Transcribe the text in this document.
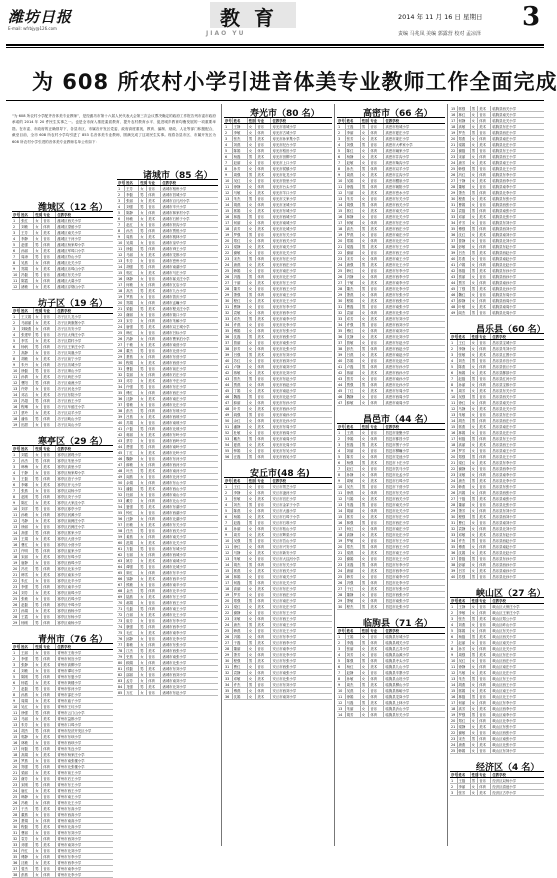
潍坊日报
E-mail: wfrbjy@126.com	教育
JIAO YU
2014 年 11 月 16 日 星期日
责编 马兆凤 美编 郭露营 校对 孟凉泽
3
为 608 所农村小学引进音体美专业教师工作全面完成
“为 608 所农村小学配齐音体美专业教师”，是经潍坊市第十六届人民代表大会第三次会议票决确定的政府工作报告列市委市政府承诺的 2014 年 20 件民生实事之一。也是全市深入推进素质教育、提升农村教育水平、促进城乡教育均衡发展的一项重要举措。在市委、市政府的正确领导下，各县市区、市属各开发区党委、政府高度重视，教育、编制、财政、人社等部门积极配合，截至目前，全市 608 所农村小学均引进了 853 名音体美专业教师，圆满完成了这项民生实事。现将各县市区、市属开发区为 608 所农村小学引进的音体美专业教师名单公布如下：
潍城区（12 名）
序号 姓名	性别 专业	任教学校
1	张红	女	音乐	潍城区西关小学
2	刘敏	女	体育	潍城区望留小学
3	王芳	女	美术	潍城区南关小学
4	李静	女	音乐	潍城区于河小学
5	赵强	男	体育	潍城区杨家埠小学
6	孙丽	女	美术	潍城区军埠口小学
7	周涛	男	音乐	潍城区符山小学
8	吴燕	女	体育	潍城区北关小学
9	郑娟	女	美术	潍城区乐埠山小学
10	冯磊	男	音乐	潍城区东关小学
11	陈霞	女	体育	潍城区大虞小学
12	褚敏	女	美术	潍城区浮烟山小学
坊子区（19 名）
序号 姓名	性别 专业	任教学校
1	王文娟	女	音乐	坊子区九龙小学
2	马丽丽	女	美术	坊子区黄旗堡小学
3	刘晓燕	女	体育	坊子区坊安小学
4	张建华	男	音乐	坊子区太保庄小学
5	李雪	女	美术	坊子区眉村小学
6	杨帆	男	体育	坊子区王家庄小学
7	高静	女	音乐	坊子区凤凰小学
8	胡敏	女	美术	坊子区前宁小学
9	朱丹	女	体育	坊子区坊城小学
10	徐磊	男	音乐	坊子区荆山小学
11	孙倩	女	美术	坊子区尚庄小学
12	曹阳	男	体育	坊子区南流小学
13	许婷	女	音乐	坊子区河北小学
14	邓洁	女	美术	坊子区东院小学
15	冯超	男	体育	坊子区西王小学
16	程琳	女	音乐	坊子区车留庄小学
17	蔡玲	女	美术	坊子区双羊小学
18	潘伟	男	体育	坊子区峡山小学
19	田甜	女	音乐	坊子区凤山小学
寒亭区（29 名）
序号 姓名	性别 专业	任教学校
1	刘霞	女	音乐	寒亭区固堤小学
2	孙杰	男	体育	寒亭区朱里小学
3	韩梅	女	美术	寒亭区高里小学
4	于静	女	音乐	寒亭区杨家埠小学
5	王磊	男	体育	寒亭区泊子小学
6	李娜	女	美术	寒亭区开元小学
7	张燕	女	音乐	寒亭区双杨小学
8	赵刚	男	体育	寒亭区央子小学
9	陈红	女	美术	寒亭区大家洼小学
10	刘洋	男	音乐	寒亭区寒亭小学
11	孙敏	女	体育	寒亭区河滩小学
12	马静	女	美术	寒亭区前阙庄小学
13	徐丽	女	音乐	寒亭区后阙庄小学
14	高强	男	体育	寒亭区郭家小学
15	王娟	女	美术	寒亭区大营小学
16	曹红	女	音乐	寒亭区小营小学
17	许明	男	体育	寒亭区崔家小学
18	宋丽	女	美术	寒亭区东埠小学
19	唐静	女	音乐	寒亭区西埠小学
20	冯亮	男	体育	寒亭区北宋小学
21	韩雪	女	美术	寒亭区南宋小学
22	朱红	女	音乐	寒亭区北辛小学
23	李强	男	体育	寒亭区南辛小学
24	刘芳	女	美术	寒亭区前埠小学
25	张敏	女	音乐	寒亭区后埠小学
26	赵磊	男	体育	寒亭区中埠小学
27	孙娟	女	美术	寒亭区西杨小学
28	王霞	女	音乐	寒亭区东杨小学
29	杨刚	男	体育	寒亭区南杨小学
青州市（76 名）
序号 姓名	性别 专业	任教学校
1	王丽	女	音乐	青州市王府小学
2	李强	男	体育	青州市何官小学
3	张静	女	美术	青州市高柳小学
4	刘敏	女	音乐	青州市谭坊小学
5	陈刚	男	体育	青州市东夏小学
6	杨霞	女	美术	青州市黄楼小学
7	赵磊	男	音乐	青州市弥河小学
8	孙燕	女	体育	青州市邵庄小学
9	周娟	女	美术	青州市庙子小学
10	吴红	女	音乐	青州市王坟小学
11	徐强	男	体育	青州市云门山小学
12	马丽	女	美术	青州市益都小学
13	朱芳	女	音乐	青州市口埠小学
14	胡杰	男	体育	青州市经济开发区小学
15	郭静	女	美术	青州市东坝小学
16	林敏	女	音乐	青州市西坝小学
17	何磊	男	体育	青州市朱良小学
18	高娟	女	美术	青州市杨家庄小学
19	罗燕	女	音乐	青州市南张楼小学
20	郑强	男	体育	青州市北张楼小学
21	梁丽	女	美术	青州市前王小学
22	谢芳	女	音乐	青州市后王小学
23	宋刚	男	体育	青州市东王小学
24	唐红	女	美术	青州市西王小学
25	韩静	女	音乐	青州市南王小学
26	冯敏	女	体育	青州市北王小学
27	于杰	男	美术	青州市东高小学
28	董燕	女	音乐	青州市西高小学
29	萧娟	女	体育	青州市南高小学
30	程磊	男	美术	青州市北高小学
31	曹丽	女	音乐	青州市东刘小学
32	袁芳	女	体育	青州市西刘小学
33	邓强	男	美术	青州市南刘小学
34	许红	女	音乐	青州市北刘小学
35	傅静	女	体育	青州市东李小学
36	沈敏	女	美术	青州市西李小学
37	曾杰	男	音乐	青州市南李小学
38	彭燕	女	体育	青州市北李小学
诸城市（85 名）
序号 姓名	性别 专业	任教学校
1	王芳	女	音乐	诸城市相州小学
2	李磊	男	体育	诸城市昌城小学
3	张丽	女	美术	诸城市百尺河小学
4	刘强	男	音乐	诸城市辛兴小学
5	陈静	女	体育	诸城市林家村小学
6	杨敏	女	美术	诸城市石桥子小学
7	赵红	女	音乐	诸城市枳沟小学
8	孙杰	男	体育	诸城市贾悦小学
9	周燕	女	美术	诸城市桃林小学
10	吴娟	女	音乐	诸城市皇华小学
11	徐磊	男	体育	诸城市舜王小学
12	马丽	女	美术	诸城市龙都小学
13	朱芳	女	音乐	诸城市密州小学
14	胡强	男	体育	诸城市南湖小学
15	郭红	女	美术	诸城市马庄小学
16	林静	女	音乐	诸城市郝戈庄小学
17	何敏	女	体育	诸城市瓦店小学
18	高杰	男	美术	诸城市九台小学
19	罗燕	女	音乐	诸城市普庆小学
20	郑娟	女	体育	诸城市孟疃小学
21	梁磊	男	美术	诸城市程戈庄小学
22	谢丽	女	音乐	诸城市箭口小学
23	宋芳	女	体育	诸城市朱解小学
24	唐强	男	美术	诸城市双王城小学
25	韩红	女	音乐	诸城市吕标小学
26	冯静	女	体育	诸城市曹家泊小学
27	于敏	女	美术	诸城市南营小学
28	董杰	男	音乐	诸城市北营小学
29	萧燕	女	体育	诸城市东营小学
30	程娟	女	美术	诸城市西营小学
31	曹磊	男	音乐	诸城市前庄小学
32	袁丽	女	体育	诸城市后庄小学
33	邓芳	女	美术	诸城市中庄小学
34	许强	男	音乐	诸城市东庄小学
35	傅红	女	体育	诸城市西庄小学
36	沈静	女	美术	诸城市南庄小学
37	曾敏	女	音乐	诸城市北庄小学
38	彭杰	男	体育	诸城市东坡小学
39	吕燕	女	美术	诸城市西坡小学
40	苏娟	女	音乐	诸城市南坡小学
41	卢磊	男	体育	诸城市北坡小学
42	蒋丽	女	美术	诸城市东岭小学
43	蔡芳	女	音乐	诸城市西岭小学
44	贾强	男	体育	诸城市南岭小学
45	丁红	女	美术	诸城市北岭小学
46	魏静	女	音乐	诸城市东河小学
47	薛敏	女	体育	诸城市西河小学
48	叶杰	男	美术	诸城市南河小学
49	阎燕	女	音乐	诸城市北河小学
50	余娟	女	体育	诸城市东山小学
51	潘磊	男	美术	诸城市西山小学
52	杜丽	女	音乐	诸城市南山小学
53	戴芳	女	体育	诸城市北山小学
54	夏强	男	美术	诸城市东湖小学
55	钟红	女	音乐	诸城市西湖小学
56	汪静	女	体育	诸城市北湖小学
57	田敏	女	美术	诸城市东关小学
58	任杰	男	音乐	诸城市西关小学
59	姜燕	女	体育	诸城市南关小学
60	范娟	女	美术	诸城市北关小学
61	方磊	男	音乐	诸城市东城小学
62	石丽	女	体育	诸城市西城小学
63	姚芳	女	美术	诸城市南城小学
64	谭强	男	音乐	诸城市北城小学
65	廖红	女	体育	诸城市东辛小学
66	邹静	女	美术	诸城市西辛小学
67	熊敏	女	音乐	诸城市南辛小学
68	金杰	男	体育	诸城市北辛小学
69	陆燕	女	美术	诸城市东王小学
70	郝娟	女	音乐	诸城市西王小学
71	孔磊	男	体育	诸城市南王小学
72	白丽	女	美术	诸城市北王小学
73	崔芳	女	音乐	诸城市东李小学
74	康强	男	体育	诸城市西李小学
75	毛红	女	美术	诸城市南李小学
76	邱静	女	音乐	诸城市北李小学
77	秦敏	女	体育	诸城市东张小学
78	江杰	男	美术	诸城市西张小学
79	史燕	女	音乐	诸城市南张小学
80	顾娟	女	体育	诸城市北张小学
81	侯磊	男	美术	诸城市东刘小学
82	邵丽	女	音乐	诸城市西刘小学
83	孟芳	女	体育	诸城市南刘小学
84	龙强	男	美术	诸城市北刘小学
85	万红	女	音乐	诸城市东赵小学
寿光市（80 名）
序号 姓名	性别 专业	任教学校
1	王静	女	音乐	寿光市洛城小学
2	李敏	女	体育	寿光市古城小学
3	张杰	男	美术	寿光市孙家集小学
4	刘燕	女	音乐	寿光市纪台小学
5	陈娟	女	体育	寿光市稻田小学
6	杨磊	男	美术	寿光市田柳小学
7	赵丽	女	音乐	寿光市上口小学
8	孙芳	女	体育	寿光市侯镇小学
9	周强	男	美术	寿光市化龙小学
10	吴红	女	音乐	寿光市营里小学
11	徐静	女	体育	寿光市台头小学
12	马敏	女	美术	寿光市羊口小学
13	朱杰	男	音乐	寿光市文家小学
14	胡燕	女	体育	寿光市圣城小学
15	郭娟	女	美术	寿光市东城小学
16	林磊	男	音乐	寿光市西城小学
17	何丽	女	体育	寿光市南城小学
18	高芳	女	美术	寿光市北城小学
19	罗强	男	音乐	寿光市东关小学
20	郑红	女	体育	寿光市西关小学
21	梁静	女	美术	寿光市南关小学
22	谢敏	女	音乐	寿光市北关小学
23	宋杰	男	体育	寿光市东庄小学
24	唐燕	女	美术	寿光市西庄小学
25	韩娟	女	音乐	寿光市南庄小学
26	冯磊	男	体育	寿光市北庄小学
27	于丽	女	美术	寿光市东王小学
28	董芳	女	音乐	寿光市西王小学
29	萧强	男	体育	寿光市南王小学
30	程红	女	美术	寿光市北王小学
31	曹静	女	音乐	寿光市东李小学
32	袁敏	女	体育	寿光市西李小学
33	邓杰	男	美术	寿光市南李小学
34	许燕	女	音乐	寿光市北李小学
35	傅娟	女	体育	寿光市东张小学
36	沈磊	男	美术	寿光市西张小学
37	曾丽	女	音乐	寿光市南张小学
38	彭芳	女	体育	寿光市北张小学
39	吕强	男	美术	寿光市东刘小学
40	苏红	女	音乐	寿光市西刘小学
41	卢静	女	体育	寿光市南刘小学
42	蒋敏	女	美术	寿光市北刘小学
43	蔡杰	男	音乐	寿光市东赵小学
44	贾燕	女	体育	寿光市西赵小学
45	丁娟	女	美术	寿光市南赵小学
46	魏磊	男	音乐	寿光市北赵小学
47	薛丽	女	体育	寿光市东孙小学
48	叶芳	女	美术	寿光市西孙小学
49	阎强	男	音乐	寿光市南孙小学
50	余红	女	体育	寿光市北孙小学
51	潘静	女	美术	寿光市东周小学
52	杜敏	女	音乐	寿光市西周小学
53	戴杰	男	体育	寿光市南周小学
54	夏燕	女	美术	寿光市北周小学
55	钟娟	女	音乐	寿光市东吴小学
56	汪磊	男	体育	寿光市西吴小学
安丘市(48 名)
序号 姓名	性别 专业	任教学校
1	王红	女	音乐	安丘市景芝小学
2	李静	女	体育	安丘市凌河小学
3	张敏	女	美术	安丘市官庄小学
4	刘杰	男	音乐	安丘市金冢子小学
5	陈燕	女	体育	安丘市大盛小学
6	杨娟	女	美术	安丘市石埠子小学
7	赵磊	男	音乐	安丘市石堆小学
8	孙丽	女	体育	安丘市柘山小学
9	周芳	女	美术	安丘市辉渠小学
10	吴强	男	音乐	安丘市吾山小学
11	徐红	女	体育	安丘市兴安小学
12	马静	女	美术	安丘市新安小学
13	朱敏	女	音乐	安丘市大汶河小学
14	胡杰	男	体育	安丘市东关小学
15	郭燕	女	美术	安丘市西关小学
16	林娟	女	音乐	安丘市南关小学
17	何磊	男	体育	安丘市北关小学
18	高丽	女	美术	安丘市东庄小学
19	罗芳	女	音乐	安丘市西庄小学
20	郑强	男	体育	安丘市南庄小学
21	梁红	女	美术	安丘市北庄小学
22	谢静	女	音乐	安丘市东王小学
23	宋敏	女	体育	安丘市西王小学
24	唐杰	男	美术	安丘市南王小学
25	韩燕	女	音乐	安丘市北王小学
26	冯娟	女	体育	安丘市东李小学
27	于磊	男	美术	安丘市西李小学
28	董丽	女	音乐	安丘市南李小学
29	萧芳	女	体育	安丘市北李小学
30	程强	男	美术	安丘市东张小学
31	曹红	女	音乐	安丘市西张小学
32	袁静	女	体育	安丘市南张小学
33	邓敏	女	美术	安丘市北张小学
34	许杰	男	音乐	安丘市东刘小学
35	傅燕	女	体育	安丘市西刘小学
36	沈娟	女	美术	安丘市南刘小学
高密市（66 名）
序号 姓名	性别 专业	任教学校
1	王磊	男	音乐	高密市柏城小学
2	李丽	女	体育	高密市夏庄小学
3	张芳	女	美术	高密市姜庄小学
4	刘强	男	音乐	高密市大牟家小学
5	陈红	女	体育	高密市阚家小学
6	杨静	女	美术	高密市井沟小学
7	赵敏	女	音乐	高密市柴沟小学
8	孙杰	男	体育	高密市双羊小学
9	周燕	女	美术	高密市注沟小学
10	吴娟	女	音乐	高密市醴泉小学
11	徐磊	男	体育	高密市朝阳小学
12	马丽	女	美术	高密市密水小学
13	朱芳	女	音乐	高密市东关小学
14	胡强	男	体育	高密市西关小学
15	郭红	女	美术	高密市南关小学
16	林静	女	音乐	高密市北关小学
17	何敏	女	体育	高密市东庄小学
18	高杰	男	美术	高密市西庄小学
19	罗燕	女	音乐	高密市南庄小学
20	郑娟	女	体育	高密市北庄小学
21	梁磊	男	美术	高密市东王小学
22	谢丽	女	音乐	高密市西王小学
23	宋芳	女	体育	高密市南王小学
24	唐强	男	美术	高密市北王小学
25	韩红	女	音乐	高密市东李小学
26	冯静	女	体育	高密市西李小学
27	于敏	女	美术	高密市南李小学
28	董杰	男	音乐	高密市北李小学
29	萧燕	女	体育	高密市东张小学
30	程娟	女	美术	高密市西张小学
31	曹磊	男	音乐	高密市南张小学
32	袁丽	女	体育	高密市北张小学
33	邓芳	女	美术	高密市东刘小学
34	许强	男	音乐	高密市西刘小学
35	傅红	女	体育	高密市南刘小学
36	沈静	女	美术	高密市北刘小学
37	曾敏	女	音乐	高密市东赵小学
38	彭杰	男	体育	高密市西赵小学
39	吕燕	女	美术	高密市南赵小学
40	苏娟	女	音乐	高密市北赵小学
41	卢磊	男	体育	高密市东孙小学
42	蒋丽	女	美术	高密市西孙小学
43	蔡芳	女	音乐	高密市南孙小学
44	贾强	男	体育	高密市北孙小学
45	丁红	女	美术	高密市东周小学
46	魏静	女	音乐	高密市西周小学
47	薛敏	女	体育	高密市南周小学
昌邑市（44 名）
序号 姓名	性别 专业	任教学校
1	王燕	女	音乐	昌邑市奎聚小学
2	李娟	女	体育	昌邑市都昌小学
3	张磊	男	美术	昌邑市围子小学
4	刘丽	女	音乐	昌邑市柳疃小学
5	陈芳	女	体育	昌邑市龙池小学
6	杨强	男	美术	昌邑市卜庄小学
7	赵红	女	音乐	昌邑市饮马小学
8	孙静	女	体育	昌邑市北孟小学
9	周敏	女	美术	昌邑市石埠小学
10	吴杰	男	音乐	昌邑市下营小学
11	徐燕	女	体育	昌邑市东关小学
12	马娟	女	美术	昌邑市西关小学
13	朱磊	男	音乐	昌邑市南关小学
14	胡丽	女	体育	昌邑市北关小学
15	郭芳	女	美术	昌邑市东庄小学
16	林强	男	音乐	昌邑市西庄小学
17	何红	女	体育	昌邑市南庄小学
18	高静	女	美术	昌邑市北庄小学
19	罗敏	女	音乐	昌邑市东王小学
20	郑杰	男	体育	昌邑市西王小学
21	梁燕	女	美术	昌邑市南王小学
22	谢娟	女	音乐	昌邑市北王小学
23	宋磊	男	体育	昌邑市东李小学
24	唐丽	女	美术	昌邑市西李小学
25	韩芳	女	音乐	昌邑市南李小学
26	冯强	男	体育	昌邑市北李小学
27	于红	女	美术	昌邑市东张小学
28	董静	女	音乐	昌邑市西张小学
29	萧敏	女	体育	昌邑市南张小学
30	程杰	男	美术	昌邑市北张小学
临朐县（71 名）
序号 姓名	性别 专业	任教学校
1	王娟	女	音乐	临朐县东城小学
2	李磊	男	体育	临朐县城关小学
3	张丽	女	美术	临朐县五井小学
4	刘芳	女	音乐	临朐县冶源小学
5	陈强	男	体育	临朐县寺头小学
6	杨红	女	美术	临朐县九山小学
7	赵静	女	音乐	临朐县辛寨小学
8	孙敏	女	体育	临朐县山旺小学
9	周杰	男	美术	临朐县柳山小学
10	吴燕	女	音乐	临朐县蒋峪小学
11	徐娟	女	体育	临朐县龙岗小学
12	马磊	男	美术	临朐县上林小学
13	朱丽	女	音乐	临朐县沂山小学
14	胡芳	女	体育	临朐县东关小学
15 郭强	男	美术	临朐县西关小学
16 林红	女	音乐	临朐县南关小学
17 何静	女	体育	临朐县北关小学
18 高敏	女	美术	临朐县东庄小学
19 罗杰	男	音乐	临朐县西庄小学
20 郑燕	女	体育	临朐县南庄小学
21 梁娟	女	美术	临朐县北庄小学
22 谢磊	男	音乐	临朐县东王小学
23 宋丽	女	体育	临朐县西王小学
24 唐芳	女	美术	临朐县南王小学
25 韩强	男	音乐	临朐县北王小学
26 冯红	女	体育	临朐县东李小学
27 于静	女	美术	临朐县西李小学
28 董敏	女	音乐	临朐县南李小学
29 萧杰	男	体育	临朐县北李小学
30 程燕	女	美术	临朐县东张小学
31 曹娟	女	音乐	临朐县西张小学
32 袁磊	男	体育	临朐县南张小学
33 邓丽	女	美术	临朐县北张小学
34 许芳	女	音乐	临朐县东刘小学
35 傅强	男	体育	临朐县西刘小学
36 沈红	女	美术	临朐县南刘小学
37 曾静	女	音乐	临朐县北刘小学
38 彭敏	女	体育	临朐县东赵小学
39 吕杰	男	美术	临朐县西赵小学
40 苏燕	女	音乐	临朐县南赵小学
41 卢娟	女	体育	临朐县北赵小学
42 蒋磊	男	美术	临朐县东孙小学
43 蔡丽	女	音乐	临朐县西孙小学
44 贾芳	女	体育	临朐县南孙小学
45 丁强	男	美术	临朐县北孙小学
46 魏红	女	音乐	临朐县东周小学
47 薛静	女	体育	临朐县西周小学
48 叶敏	女	美术	临朐县南周小学
49 阎杰	男	音乐	临朐县北周小学
昌乐县（60 名）
序号 姓名	性别 专业	任教学校
1	王红	女	音乐	昌乐县宝城小学
2	李静	女	体育	昌乐县朱刘小学
3	张敏	女	美术	昌乐县五图小学
4	刘杰	男	音乐	昌乐县乔官小学
5	陈燕	女	体育	昌乐县营丘小学
6	杨娟	女	美术	昌乐县鄌郚小学
7	赵磊	男	音乐	昌乐县红河小学
8	孙丽	女	体育	昌乐县宝都小学
9	周芳	女	美术	昌乐县东关小学
10 吴强	男	音乐	昌乐县西关小学
11 徐红	女	体育	昌乐县南关小学
12 马静	女	美术	昌乐县北关小学
13 朱敏	女	音乐	昌乐县东庄小学
14 胡杰	男	体育	昌乐县西庄小学
15 郭燕	女	美术	昌乐县南庄小学
16 林娟	女	音乐	昌乐县北庄小学
17 何磊	男	体育	昌乐县东王小学
18 高丽	女	美术	昌乐县西王小学
19 罗芳	女	音乐	昌乐县南王小学
20 郑强	男	体育	昌乐县北王小学
21 梁红	女	美术	昌乐县东李小学
22 谢静	女	音乐	昌乐县西李小学
23 宋敏	女	体育	昌乐县南李小学
24 唐杰	男	美术	昌乐县北李小学
25 韩燕	女	音乐	昌乐县东张小学
26 冯娟	女	体育	昌乐县西张小学
27 于磊	男	美术	昌乐县南张小学
28 董丽	女	音乐	昌乐县北张小学
29 萧芳	女	体育	昌乐县东刘小学
30 程强	男	美术	昌乐县西刘小学
31 曹红	女	音乐	昌乐县南刘小学
32 袁静	女	体育	昌乐县北刘小学
33 邓敏	女	美术	昌乐县东赵小学
34 许杰	男	音乐	昌乐县西赵小学
35 傅燕	女	体育	昌乐县南赵小学
36 沈娟	女	美术	昌乐县北赵小学
37 曾磊	男	音乐	昌乐县东孙小学
38 彭丽	女	体育	昌乐县西孙小学
39 吕芳	女	美术	昌乐县南孙小学
40 苏强	男	音乐	昌乐县北孙小学
峡山区（27 名）
序号 姓名	性别 专业	任教学校
1	王静	女	音乐	峡山区太保庄小学
2	李敏	女	体育	峡山区王家庄小学
3	张杰	男	美术	峡山区郑公小学
4	刘燕	女	音乐	峡山区岞山小学
5	陈娟	女	体育	峡山区东关小学
6	杨磊	男	美术	峡山区西关小学
7	赵丽	女	音乐	峡山区南关小学
8	孙芳	女	体育	峡山区北关小学
9	周强	男	美术	峡山区东庄小学
10 吴红	女	音乐	峡山区西庄小学
11 徐静	女	体育	峡山区南庄小学
12 马敏	女	美术	峡山区北庄小学
13 朱杰	男	音乐	峡山区东王小学
14 胡燕	女	体育	峡山区西王小学
15 郭娟	女	美术	峡山区南王小学
16 林磊	男	音乐	峡山区北王小学
17 何丽	女	体育	峡山区东李小学
18 高芳	女	美术	峡山区西李小学
19 罗强	男	音乐	峡山区南李小学
20 郑红	女	体育	峡山区北李小学
21 梁静	女	美术	峡山区东张小学
22 谢敏	女	音乐	峡山区西张小学
23 宋杰	男	体育	峡山区南张小学
24 唐燕	女	美术	峡山区北张小学
25 韩娟	女	音乐	峡山区东刘小学
经济区（4 名）
序号 姓名	性别 专业	任教学校
1	王磊	男	音乐	经济区双杨小学
2	李丽	女	体育	经济区清池小学
3	张芳	女	美术	经济区古亭小学
